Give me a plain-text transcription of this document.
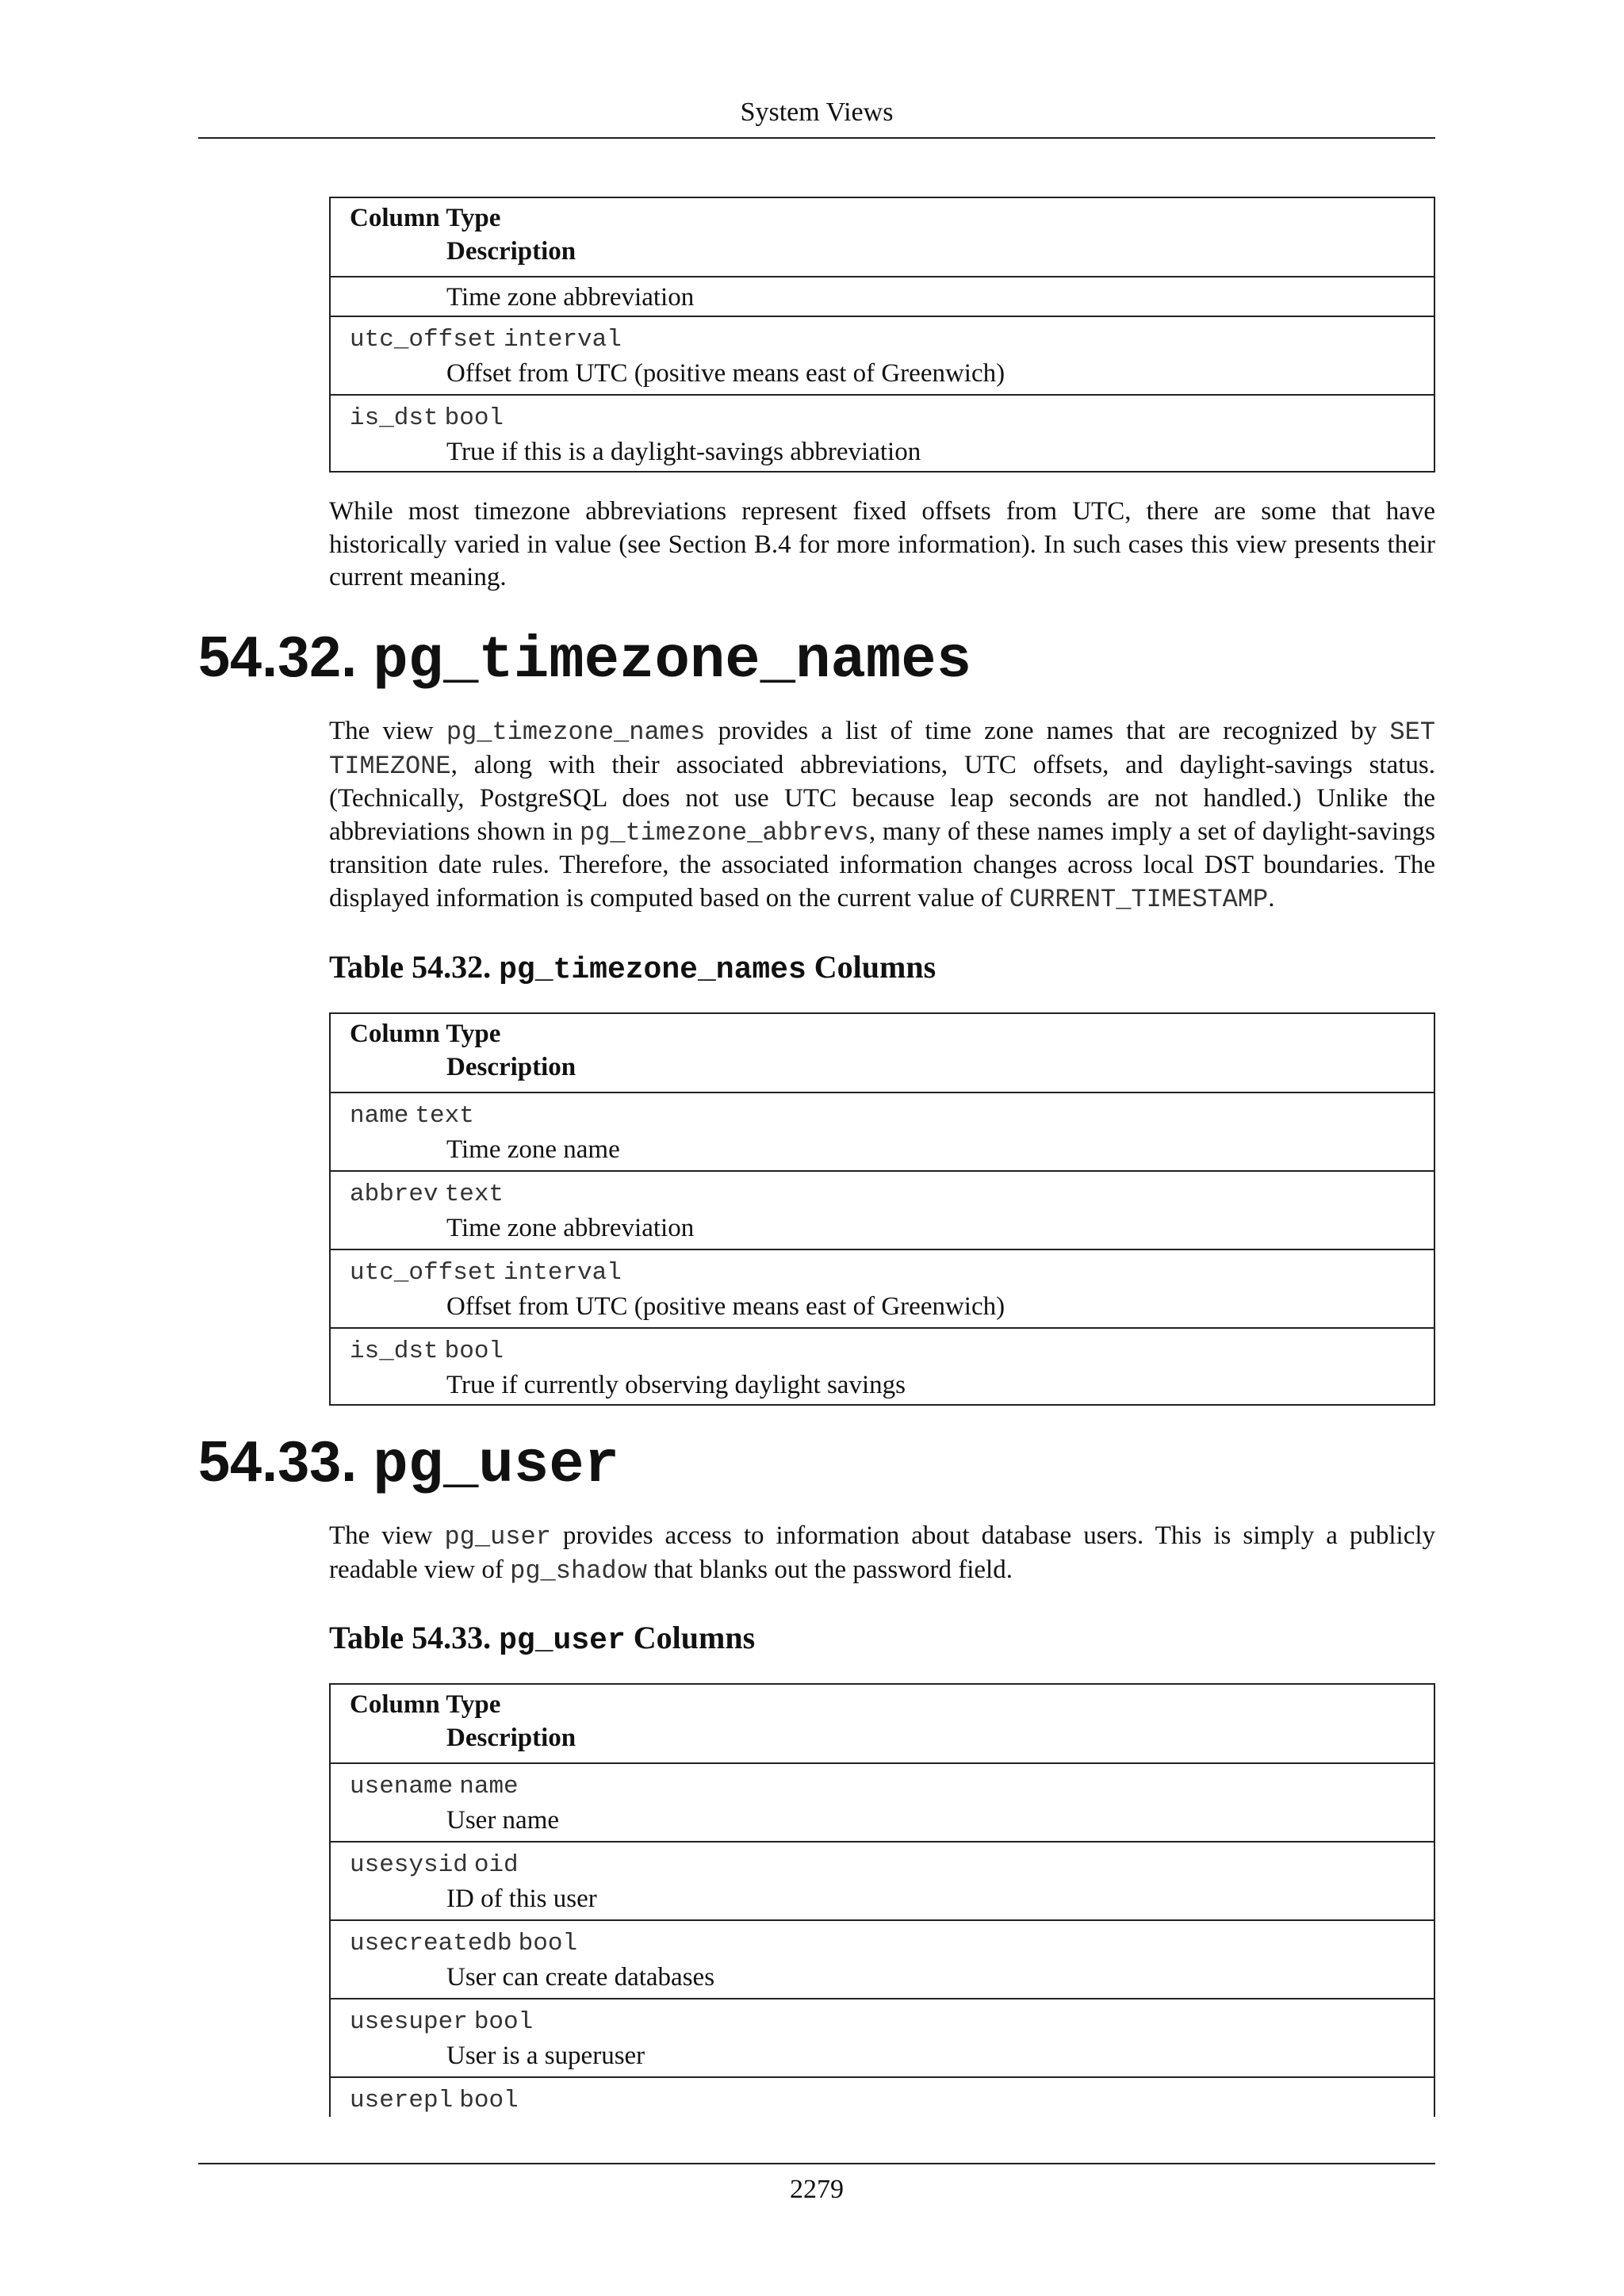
System Views
Column Type
Description
Time zone abbreviation
utc_offset interval
Offset from UTC (positive means east of Greenwich)
is_dst bool
True if this is a daylight-savings abbreviation

While most timezone abbreviations represent fixed offsets from UTC, there are some that have historically varied in value (see Section B.4 for more information). In such cases this view presents their current meaning.

54.32. pg_timezone_names

The view pg_timezone_names provides a list of time zone names that are recognized by SET TIMEZONE, along with their associated abbreviations, UTC offsets, and daylight-savings status. (Technically, PostgreSQL does not use UTC because leap seconds are not handled.) Unlike the abbreviations shown in pg_timezone_abbrevs, many of these names imply a set of daylight-savings transition date rules. Therefore, the associated information changes across local DST boundaries. The displayed information is computed based on the current value of CURRENT_TIMESTAMP.

Table 54.32. pg_timezone_names Columns
Column Type
Description
name text
Time zone name
abbrev text
Time zone abbreviation
utc_offset interval
Offset from UTC (positive means east of Greenwich)
is_dst bool
True if currently observing daylight savings
54.33. pg_user

The view pg_user provides access to information about database users. This is simply a publicly readable view of pg_shadow that blanks out the password field.

Table 54.33. pg_user Columns
Column Type
Description
usename name
User name
usesysid oid
ID of this user
usecreatedb bool
User can create databases
usesuper bool
User is a superuser
userepl bool
2279
